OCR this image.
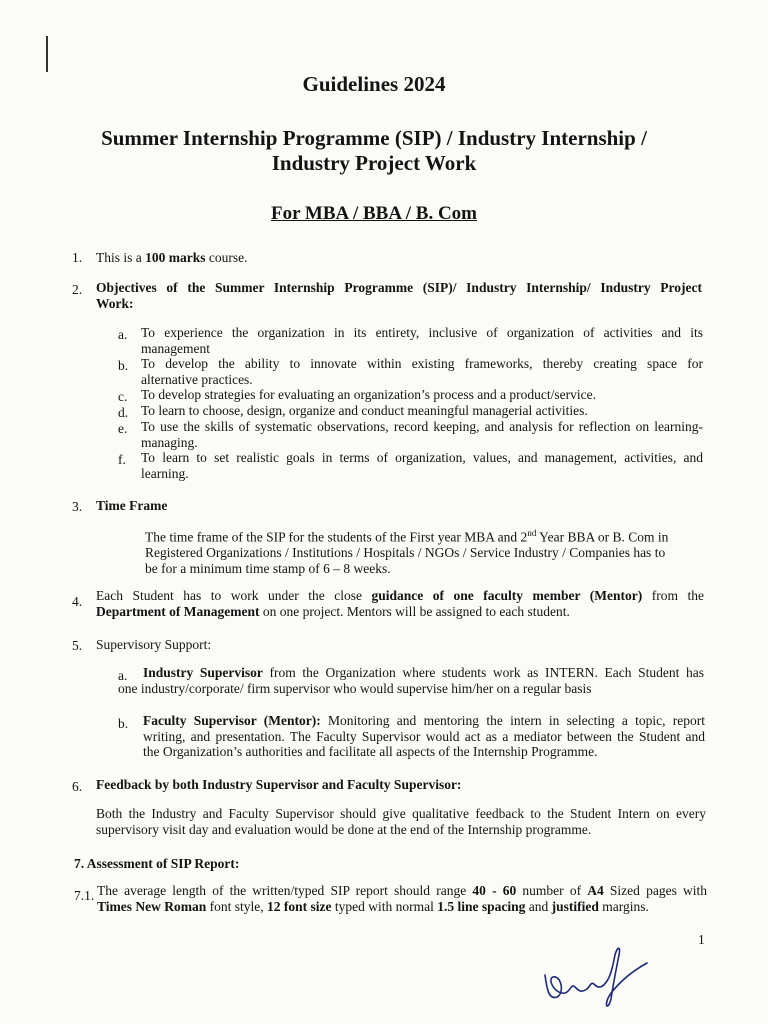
Guidelines 2024
Summer Internship Programme (SIP) / Industry Internship /
Industry Project Work
For MBA / BBA / B. Com
1. This is a 100 marks course.
2. Objectives of the Summer Internship Programme (SIP)/ Industry Internship/ Industry Project
Work:
a. To experience the organization in its entirety, inclusive of organization of activities and its
management
b. To develop the ability to innovate within existing frameworks, thereby creating space for
alternative practices.
c. To develop strategies for evaluating an organization’s process and a product/service.
d. To learn to choose, design, organize and conduct meaningful managerial activities.
e. To use the skills of systematic observations, record keeping, and analysis for reflection on learning-
managing.
f. To learn to set realistic goals in terms of organization, values, and management, activities, and
learning.
3. Time Frame
The time frame of the SIP for the students of the First year MBA and 2nd Year BBA or B. Com in
Registered Organizations / Institutions / Hospitals / NGOs / Service Industry / Companies has to
be for a minimum time stamp of 6 – 8 weeks.
4. Each Student has to work under the close guidance of one faculty member (Mentor) from the
Department of Management on one project. Mentors will be assigned to each student.
5. Supervisory Support:
a.	Industry Supervisor from the Organization where students work as INTERN. Each Student has
one industry/corporate/ firm supervisor who would supervise him/her on a regular basis
b. Faculty Supervisor (Mentor): Monitoring and mentoring the intern in selecting a topic, report
writing, and presentation. The Faculty Supervisor would act as a mediator between the Student and
the Organization’s authorities and facilitate all aspects of the Internship Programme.
6. Feedback by both Industry Supervisor and Faculty Supervisor:
Both the Industry and Faculty Supervisor should give qualitative feedback to the Student Intern on every
supervisory visit day and evaluation would be done at the end of the Internship programme.
7. Assessment of SIP Report:
7.1. The average length of the written/typed SIP report should range 40 - 60 number of A4 Sized pages with
Times New Roman font style, 12 font size typed with normal 1.5 line spacing and justified margins.
1
